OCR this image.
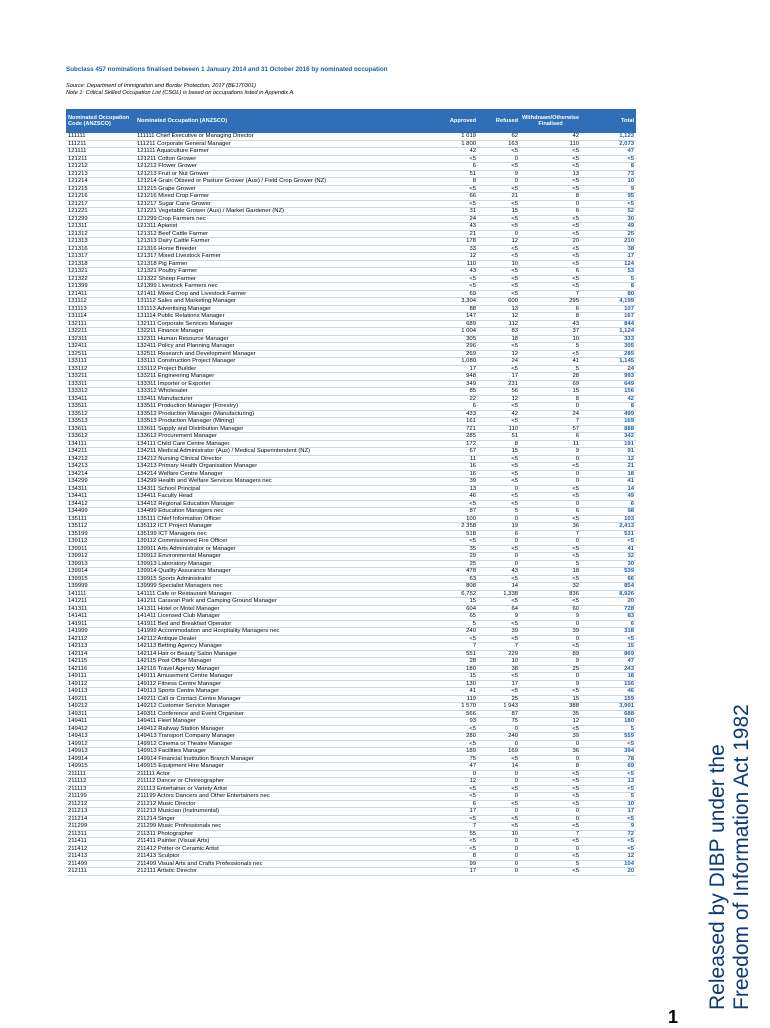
Subclass 457 nominations finalised between 1 January 2014 and 31 October 2016 by nominated occupation
Source: Department of Immigration and Border Protection, 2017 (BE170301)
Note 1: Critical Skilled Occupation List (CSOL) is based on occupations listed in Appendix A.
Nominated Occupation Code (ANZSCO)	Nominated Occupation (ANZSCO)	Approved	Refused	Withdrawn/Otherwise Finalised	Total
111111	111111 Chief Executive or Managing Director	1 019	62	42	1,123
111211	111211 Corporate General Manager	1 800	163	110	2,073
121111	121111 Aquaculture Farmer	42	<5	<5	47
121211	121211 Cotton Grower	<5	0	<5	<5
121212	121212 Flower Grower	6	<5	<5	8
121213	121213 Fruit or Nut Grower	51	9	13	73
121214	121214 Grain Oilseed or Pasture Grower (Aus) / Field Crop Grower (NZ)	8	0	<5	10
121215	121215 Grape Grower	<5	<5	<5	9
121216	121216 Mixed Crop Farmer	66	21	8	95
121217	121217 Sugar Cane Grower	<5	<5	0	<5
121221	121221 Vegetable Grower (Aus) / Market Gardener (NZ)	31	15	6	52
121299	121299 Crop Farmers nec	24	<5	<5	30
121311	121311 Apiarist	43	<5	<5	49
121312	121312 Beef Cattle Farmer	21	0	<5	25
121313	121313 Dairy Cattle Farmer	178	12	20	210
121316	121316 Horse Breeder	33	<5	<5	38
121317	121317 Mixed Livestock Farmer	12	<5	<5	17
121318	121318 Pig Farmer	110	10	<5	124
121321	121321 Poultry Farmer	43	<5	6	53
121322	121322 Sheep Farmer	<5	<5	<5	5
121399	121399 Livestock Farmers nec	<5	<5	<5	8
121411	121411 Mixed Crop and Livestock Farmer	69	<5	7	80
131112	131112 Sales and Marketing Manager	3,304	600	295	4,199
131113	131113 Advertising Manager	88	13	6	107
131114	131114 Public Relations Manager	147	12	8	167
132111	132111 Corporate Services Manager	689	112	43	844
132211	132211 Finance Manager	1 004	83	37	1,124
132311	132311 Human Resource Manager	305	18	10	333
132411	132411 Policy and Planning Manager	296	<5	5	305
132511	132511 Research and Development Manager	269	12	<5	285
133111	133111 Construction Project Manager	1,080	24	41	1,145
133112	133112 Project Builder	17	<5	5	24
133211	133211 Engineering Manager	948	17	28	993
133311	133311 Importer or Exporter	349	231	69	649
133312	133312 Wholesaler	85	56	15	156
133411	133411 Manufacturer	22	12	8	42
133511	133511 Production Manager (Forestry)	6	<5	0	8
133512	133512 Production Manager (Manufacturing)	433	42	24	499
133513	133513 Production Manager (Mining)	161	<5	7	169
133611	133611 Supply and Distribution Manager	721	110	57	888
133612	133612 Procurement Manager	285	51	6	342
134111	134111 Child Care Centre Manager	172	8	11	191
134211	134211 Medical Administrator (Aus) / Medical Superintendent (NZ)	67	15	9	91
134212	134212 Nursing Clinical Director	11	<5	0	12
134213	134213 Primary Health Organisation Manager	16	<5	<5	21
134214	134214 Welfare Centre Manager	16	<5	0	18
134299	134299 Health and Welfare Services Managers nec	39	<5	0	41
134311	134311 School Principal	13	0	<5	14
134411	134411 Faculty Head	46	<5	<5	49
134412	134412 Regional Education Manager	<5	<5	0	6
134499	134499 Education Managers nec	87	5	6	98
135111	135111 Chief Information Officer	100	0	<5	103
135112	135112 ICT Project Manager	2 358	19	36	2,413
135199	135199 ICT Managers nec	518	6	7	531
139112	139112 Commissioned Fire Officer	<5	0	0	<5
139911	139911 Arts Administrator or Manager	35	<5	<5	41
139912	139912 Environmental Manager	29	0	<5	32
139913	139913 Laboratory Manager	25	0	5	30
139914	139914 Quality Assurance Manager	478	43	18	539
139915	139915 Sports Administrator	63	<5	<5	66
139999	139999 Specialist Managers nec	808	14	32	854
141111	141111 Cafe or Restaurant Manager	6,752	1,338	836	8,926
141211	141211 Caravan Park and Camping Ground Manager	15	<5	<5	20
141311	141311 Hotel or Motel Manager	604	64	60	728
141411	141411 Licensed Club Manager	65	9	9	83
141911	141911 Bed and Breakfast Operator	5	<5	0	6
141999	141999 Accommodation and Hospitality Managers nec	240	39	39	318
142112	142112 Antique Dealer	<5	<5	0	<5
142113	142113 Betting Agency Manager	7	7	<5	15
142114	142114 Hair or Beauty Salon Manager	551	229	89	869
142115	142115 Post Office Manager	28	10	9	47
142116	142116 Travel Agency Manager	180	38	25	243
149111	149111 Amusement Centre Manager	15	<5	0	18
149112	149112 Fitness Centre Manager	130	17	9	156
149113	149113 Sports Centre Manager	41	<5	<5	46
149211	149211 Call or Contact Centre Manager	119	25	15	159
149212	149212 Customer Service Manager	1 570	1 943	388	3,901
149311	149311 Conference and Event Organiser	566	87	35	688
149411	149411 Fleet Manager	93	75	12	180
149412	149412 Railway Station Manager	<5	0	<5	5
149413	149413 Transport Company Manager	280	240	39	559
149912	149912 Cinema or Theatre Manager	<5	0	0	<5
149913	149913 Facilities Manager	189	169	36	394
149914	149914 Financial Institution Branch Manager	75	<5	0	78
149915	149915 Equipment Hire Manager	47	14	8	69
211111	211111 Actor	0	0	<5	<5
211112	211112 Dancer or Choreographer	12	0	<5	13
211113	211113 Entertainer or Variety Artist	<5	<5	<5	<5
211199	211199 Actors Dancers and Other Entertainers nec	<5	0	<5	5
211212	211212 Music Director	6	<5	<5	10
211213	211213 Musician (Instrumental)	17	0	0	17
211214	211214 Singer	<5	<5	0	<5
211299	211299 Music Professionals nec	7	<5	<5	9
211311	211311 Photographer	55	10	7	72
211411	211411 Painter (Visual Arts)	<5	0	<5	<5
211412	211412 Potter or Ceramic Artist	<5	0	0	<5
211413	211413 Sculptor	8	0	<5	12
211499	211499 Visual Arts and Crafts Professionals nec	99	0	5	104
212111	212111 Artistic Director	17	0	<5	20
1
Released by DIBP under the Freedom of Information Act 1982
